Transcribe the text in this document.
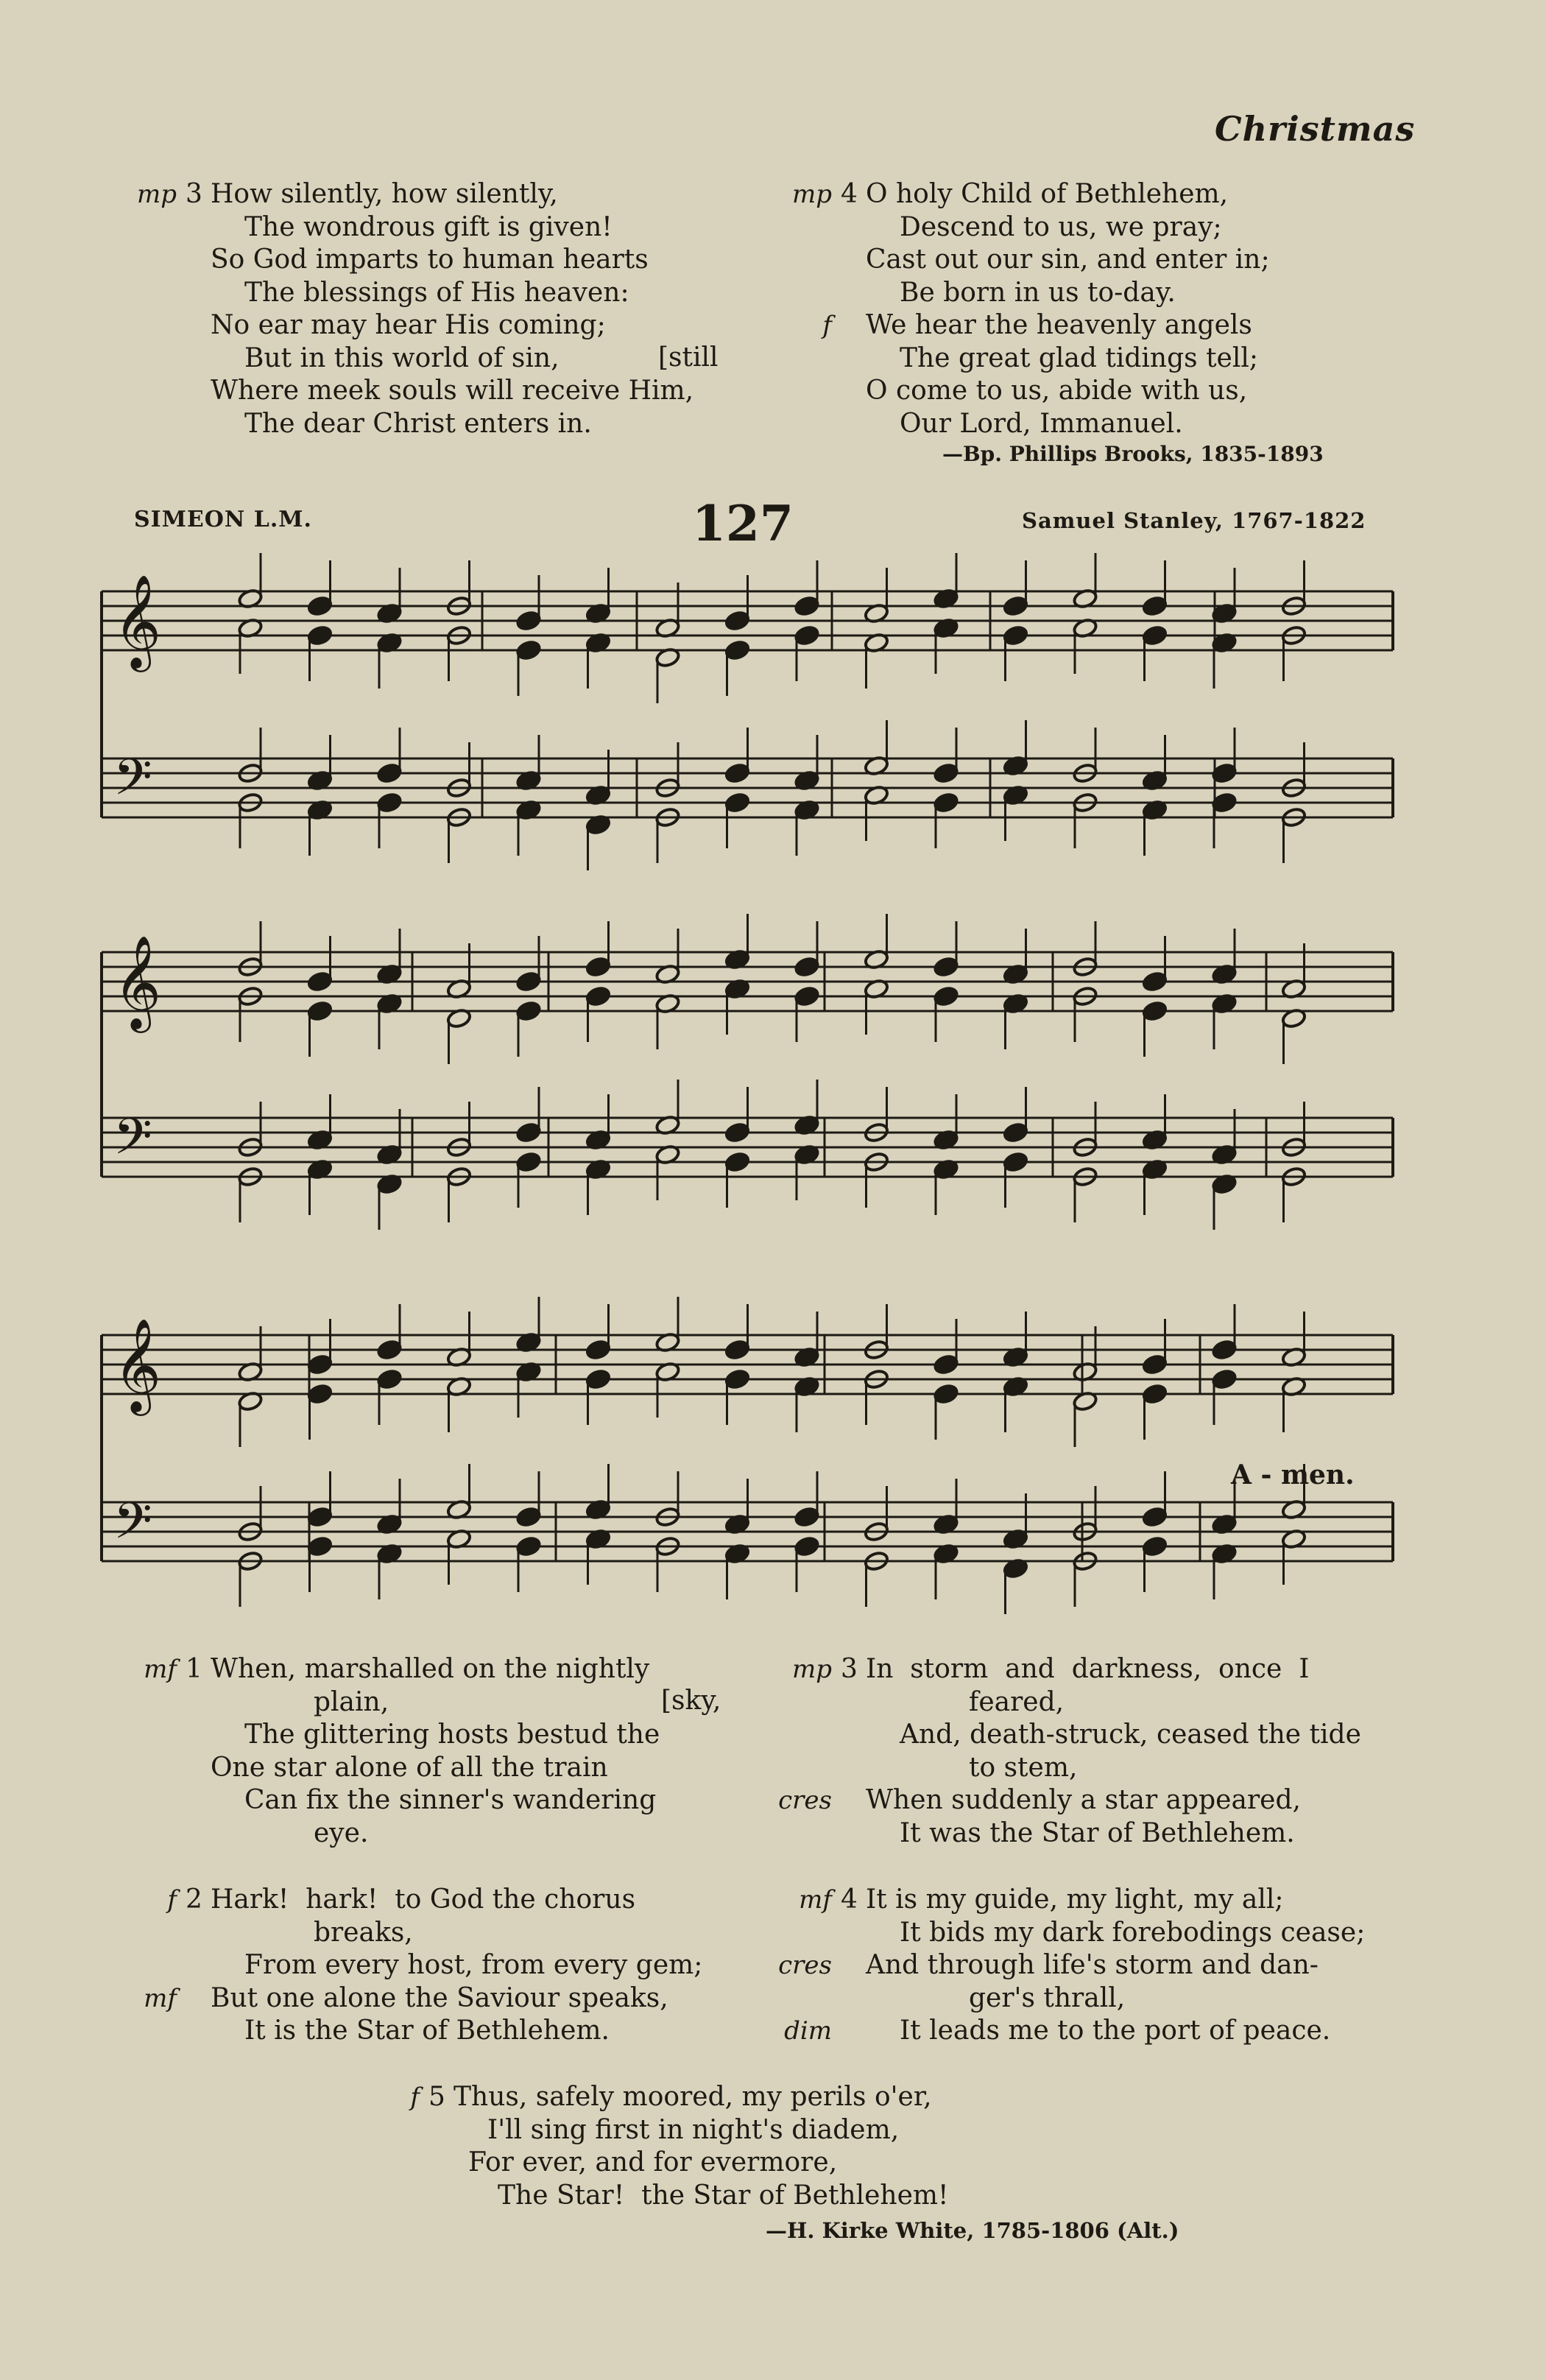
Christmas
mp 3 How silently, how silently,
The wondrous gift is given!
So God imparts to human hearts
The blessings of His heaven:
No ear may hear His coming;
But in this world of sin,
Where meek souls will receive Him,
The dear Christ enters in.
[still
mp 4 O holy Child of Bethlehem,
Descend to us, we pray;
Cast out our sin, and enter in;
Be born in us to-day.
f	We hear the heavenly angels
The great glad tidings tell;
O come to us, abide with us,
Our Lord, Immanuel.
—Bp. Phillips Brooks, 1835-1893
SIMEON L.M.	127	Samuel Stanley, 1767-1822
𝄞
𝄢
𝄞
𝄢
𝄞
𝄢
A - men.
mf 1 When, marshalled on the nightly
plain,
The glittering hosts bestud the
One star alone of all the train
Can fix the sinner's wandering
eye.
[sky,
f 2 Hark!  hark!  to God the chorus
breaks,
From every host, from every gem;
mf	But one alone the Saviour speaks,
It is the Star of Bethlehem.
mp 3 In  storm  and  darkness,  once  I
feared,
And, death-struck, ceased the tide
to stem,
cres	When suddenly a star appeared,
It was the Star of Bethlehem.
mf 4 It is my guide, my light, my all;
It bids my dark forebodings cease;
cres	And through life's storm and dan-
ger's thrall,
dim	It leads me to the port of peace.
f 5 Thus, safely moored, my perils o'er,
I'll sing first in night's diadem,
For ever, and for evermore,
The Star!  the Star of Bethlehem!
—H. Kirke White, 1785-1806 (Alt.)
